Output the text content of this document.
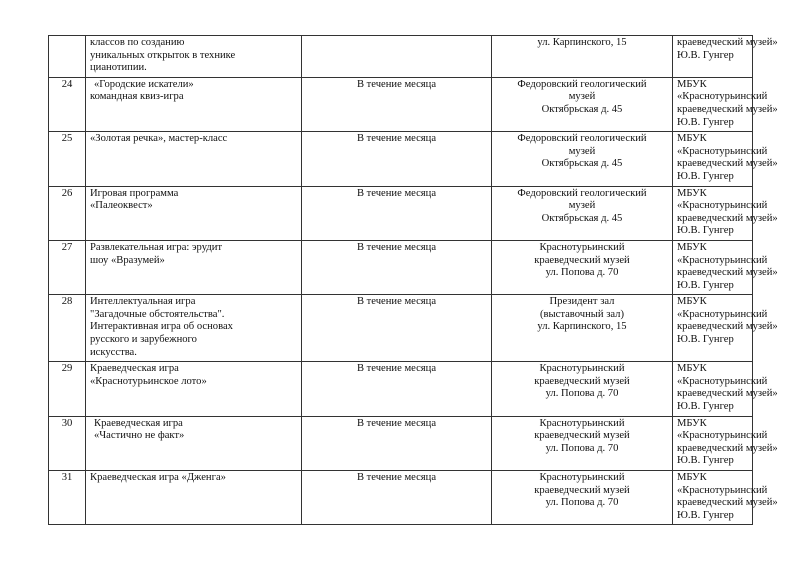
	классов по созданию
уникальных открыток в технике
цианотипии.		ул. Карпинского, 15	краеведческий музей»
Ю.В. Гунгер

24	«Городские искатели»
командная квиз-игра	В течение месяца	Федоровский геологический
музей
Октябрьская д. 45	МБУК
«Краснотурьинский
краеведческий музей»
Ю.В. Гунгер

25	«Золотая речка», мастер-класс	В течение месяца	Федоровский геологический
музей
Октябрьская д. 45	МБУК
«Краснотурьинский
краеведческий музей»
Ю.В. Гунгер

26	Игровая программа
«Палеоквест»	В течение месяца	Федоровский геологический
музей
Октябрьская д. 45	МБУК
«Краснотурьинский
краеведческий музей»
Ю.В. Гунгер

27	Развлекательная игра: эрудит
шоу «Вразумей»	В течение месяца	Краснотурьинский
краеведческий музей
ул. Попова д. 70	МБУК
«Краснотурьинский
краеведческий музей»
Ю.В. Гунгер

28	Интеллектуальная игра
"Загадочные обстоятельства".
Интерактивная игра об основах
русского и зарубежного
искусства.	В течение месяца	Президент зал
(выставочный зал)
ул. Карпинского, 15	МБУК
«Краснотурьинский
краеведческий музей»
Ю.В. Гунгер

29	Краеведческая игра
«Краснотурьинское лото»	В течение месяца	Краснотурьинский
краеведческий музей
ул. Попова д. 70	МБУК
«Краснотурьинский
краеведческий музей»
Ю.В. Гунгер

30	Краеведческая игра
«Частично не факт»	В течение месяца	Краснотурьинский
краеведческий музей
ул. Попова д. 70	МБУК
«Краснотурьинский
краеведческий музей»
Ю.В. Гунгер

31	Краеведческая игра «Дженга»	В течение месяца	Краснотурьинский
краеведческий музей
ул. Попова д. 70	МБУК
«Краснотурьинский
краеведческий музей»
Ю.В. Гунгер
